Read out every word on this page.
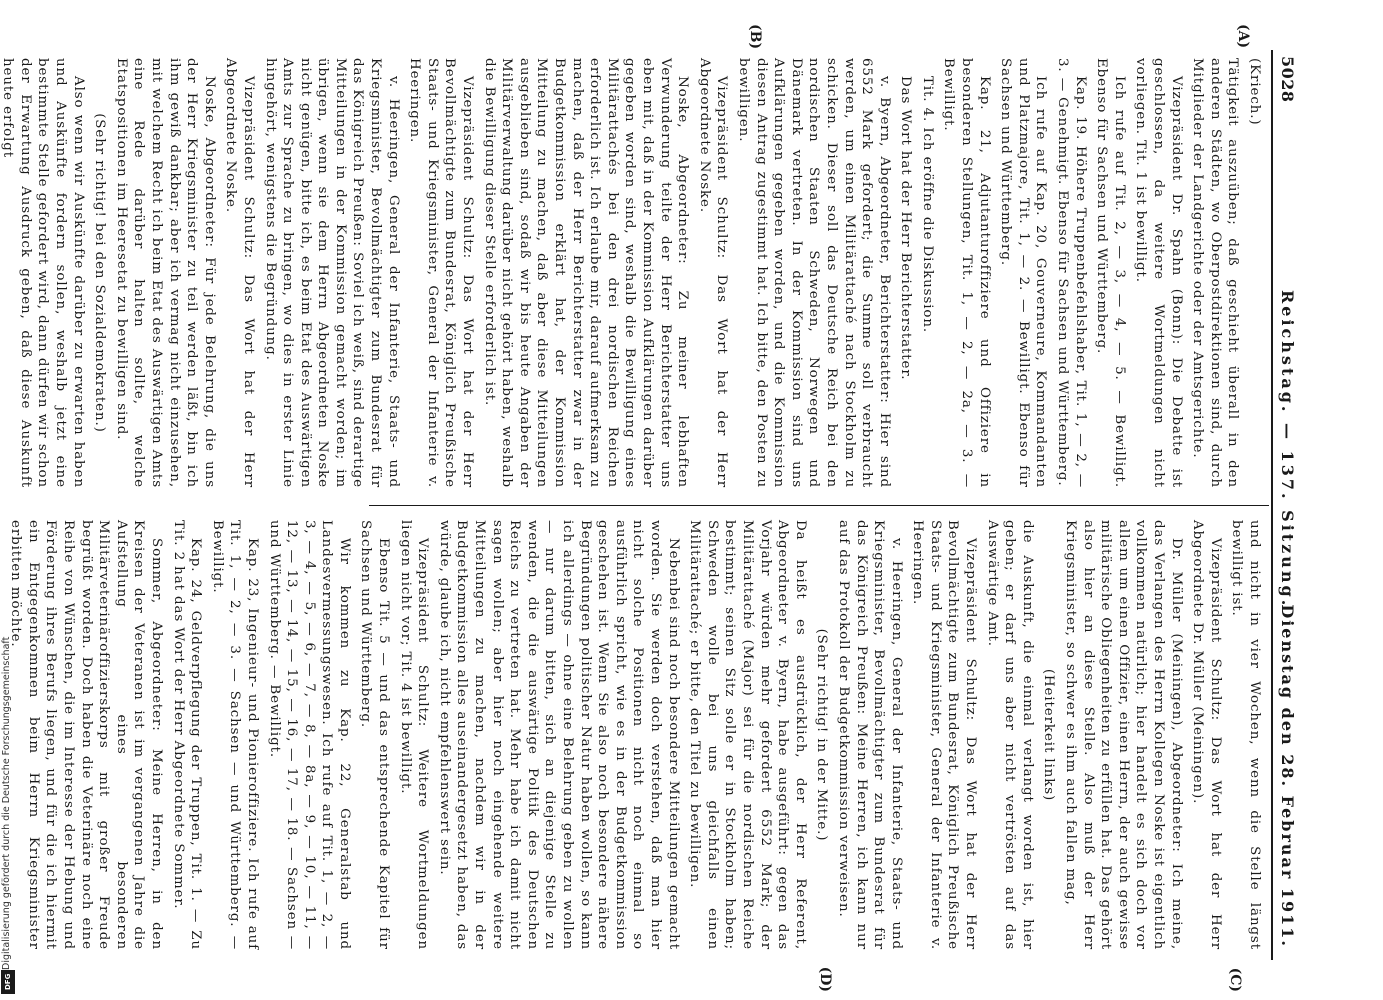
5028
Reichstag. — 137. Sitzung.
Dienstag den 28. Februar 1911.
(A)
(B)
(C)
(D)

(Kriech.)

Tätigkeit auszuüben; daß geschieht überall in den anderen Städten, wo Oberpostdirektionen sind, durch Mitglieder der Landgerichte oder der Amtsgerichte.

Vizepräsident Dr. Spahn (Bonn): Die Debatte ist geschlossen, da weitere Wortmeldungen nicht vorliegen. Tit. 1 ist bewilligt.

Ich rufe auf Tit. 2, — 3, — 4, — 5. — Bewilligt. Ebenso für Sachsen und Württemberg.

Kap. 19. Höhere Truppenbefehlshaber, Tit. 1, — 2, — 3. — Genehmigt. Ebenso für Sachsen und Württemberg.

Ich rufe auf Kap. 20, Gouverneure, Kommandanten und Platzmajore, Tit. 1, — 2. — Bewilligt. Ebenso für Sachsen und Württemberg.

Kap. 21, Adjutanturoffiziere und Offiziere in besonderen Stellungen, Tit. 1, — 2, — 2a, — 3. — Bewilligt.

Tit. 4. Ich eröffne die Diskussion.

Das Wort hat der Herr Berichterstatter.

v. Byern, Abgeordneter, Berichterstatter: Hier sind 6552 Mark gefordert; die Summe soll verbraucht werden, um einen Militärattaché nach Stockholm zu schicken. Dieser soll das Deutsche Reich bei den nordischen Staaten Schweden, Norwegen und Dänemark vertreten. In der Kommission sind uns Aufklärungen gegeben worden, und die Kommission diesen Antrag zugestimmt hat. Ich bitte, den Posten zu bewilligen.

Vizepräsident Schultz: Das Wort hat der Herr Abgeordnete Noske.

Noske, Abgeordneter: Zu meiner lebhaften Verwunderung teilte der Herr Berichterstatter uns eben mit, daß in der Kommission Aufklärungen darüber gegeben worden sind, weshalb die Bewilligung eines Militärattachés bei den drei nordischen Reichen erforderlich ist. Ich erlaube mir, darauf aufmerksam zu machen, daß der Herr Berichterstatter zwar in der Budgetkommission erklärt hat, der Kommission Mitteilung zu machen, daß aber diese Mitteilungen ausgeblieben sind, sodaß wir bis heute Angaben der Militärverwaltung darüber nicht gehört haben, weshalb die Bewilligung dieser Stelle erforderlich ist.

Vizepräsident Schultz: Das Wort hat der Herr Bevollmächtigte zum Bundesrat, Königlich Preußische Staats- und Kriegsminister, General der Infanterie v. Heeringen.

v. Heeringen, General der Infanterie, Staats- und Kriegsminister, Bevollmächtigter zum Bundesrat für das Königreich Preußen: Soviel ich weiß, sind derartige Mitteilungen in der Kommission gemacht worden; im übrigen, wenn sie dem Herrn Abgeordneten Noske nicht genügen, bitte ich, es beim Etat des Auswärtigen Amts zur Sprache zu bringen, wo dies in erster Linie hingehört, wenigstens die Begründung.

Vizepräsident Schultz: Das Wort hat der Herr Abgeordnete Noske.

Noske, Abgeordneter: Für jede Belehrung, die uns der Herr Kriegsminister zu teil werden läßt, bin ich ihm gewiß dankbar; aber ich vermag nicht einzusehen, mit welchem Recht ich beim Etat des Auswärtigen Amts eine Rede darüber halten sollte, welche Etatspositionen im Heeresetat zu bewilligen sind.

(Sehr richtig! bei den Sozialdemokraten.)

Also wenn wir Auskünfte darüber zu erwarten haben und Auskünfte fordern sollen, weshalb jetzt eine bestimmte Stelle gefordert wird, dann dürfen wir schon der Erwartung Ausdruck geben, daß diese Auskunft heute erfolgt

und nicht in vier Wochen, wenn die Stelle längst bewilligt ist.

Vizepräsident Schultz: Das Wort hat der Herr Abgeordnete Dr. Müller (Meiningen).

Dr. Müller (Meiningen), Abgeordneter: Ich meine, das Verlangen des Herrn Kollegen Noske ist eigentlich vollkommen natürlich; hier handelt es sich doch vor allem um einen Offizier, einen Herrn, der auch gewisse militärische Obliegenheiten zu erfüllen hat. Das gehört also hier an diese Stelle. Also muß der Herr Kriegsminister, so schwer es ihm auch fallen mag,

(Heiterkeit links)

die Auskunft, die einmal verlangt worden ist, hier geben; er darf uns aber nicht vertrösten auf das Auswärtige Amt.

Vizepräsident Schultz: Das Wort hat der Herr Bevollmächtigte zum Bundesrat, Königlich Preußische Staats- und Kriegsminister, General der Infanterie v. Heeringen.

v. Heeringen, General der Infanterie, Staats- und Kriegsminister, Bevollmächtigter zum Bundesrat für das Königreich Preußen: Meine Herren, ich kann nur auf das Protokoll der Budgetkommission verweisen.

(Sehr richtig! in der Mitte.)

Da heißt es ausdrücklich, der Herr Referent, Abgeordneter v. Byern, habe ausgeführt: gegen das Vorjahr würden mehr gefordert 6552 Mark; der Militärattaché (Major) sei für die nordischen Reiche bestimmt; seinen Sitz solle er in Stockholm haben; Schweden wolle bei uns gleichfalls einen Militärattaché; er bitte, den Titel zu bewilligen.

Nebenbei sind noch besondere Mitteilungen gemacht worden. Sie werden doch verstehen, daß man hier nicht solche Positionen nicht noch einmal so ausführlich spricht, wie es in der Budgetkommission geschehen ist. Wenn Sie also noch besondere nähere Begründungen politischer Natur haben wollen, so kann ich allerdings — ohne eine Belehrung geben zu wollen — nur darum bitten, sich an diejenige Stelle zu wenden, die die auswärtige Politik des Deutschen Reichs zu vertreten hat. Mehr habe ich damit nicht sagen wollen; aber hier noch eingehende weitere Mitteilungen zu machen, nachdem wir in der Budgetkommission alles auseinandergesetzt haben, das würde, glaube ich, nicht empfehlenswert sein.

Vizepräsident Schultz: Weitere Wortmeldungen liegen nicht vor; Tit. 4 ist bewilligt.

Ebenso Tit. 5 — und das entsprechende Kapitel für Sachsen und Württemberg.

Wir kommen zu Kap. 22, Generalstab und Landesvermessungswesen. Ich rufe auf Tit. 1, — 2, — 3, — 4, — 5, — 6, — 7, — 8, — 8a, — 9, — 10, — 11, — 12, — 13, — 14, — 15, — 16, — 17, — 18. — Sachsen — und Württemberg. — Bewilligt.

Kap. 23, Ingenieur- und Pionieroffiziere. Ich rufe auf Tit. 1, — 2, — 3. — Sachsen — und Württemberg. — Bewilligt.

Kap. 24, Geldverpflegung der Truppen, Tit. 1. — Zu Tit. 2 hat das Wort der Herr Abgeordnete Sommer.

Sommer, Abgeordneter: Meine Herren, in den Kreisen der Veteranen ist im vergangenen Jahre die Aufstellung eines besonderen Militärveterinäroffizierskorps mit großer Freude begrüßt worden. Doch haben die Veterinäre noch eine Reihe von Wünschen, die im Interesse der Hebung und Förderung ihres Berufs liegen, und für die ich hiermit ein Entgegenkommen beim Herrn Kriegsminister erbitten möchte.

Digitalisierung gefördert durch die Deutsche Forschungsgemeinschaft
DFG
